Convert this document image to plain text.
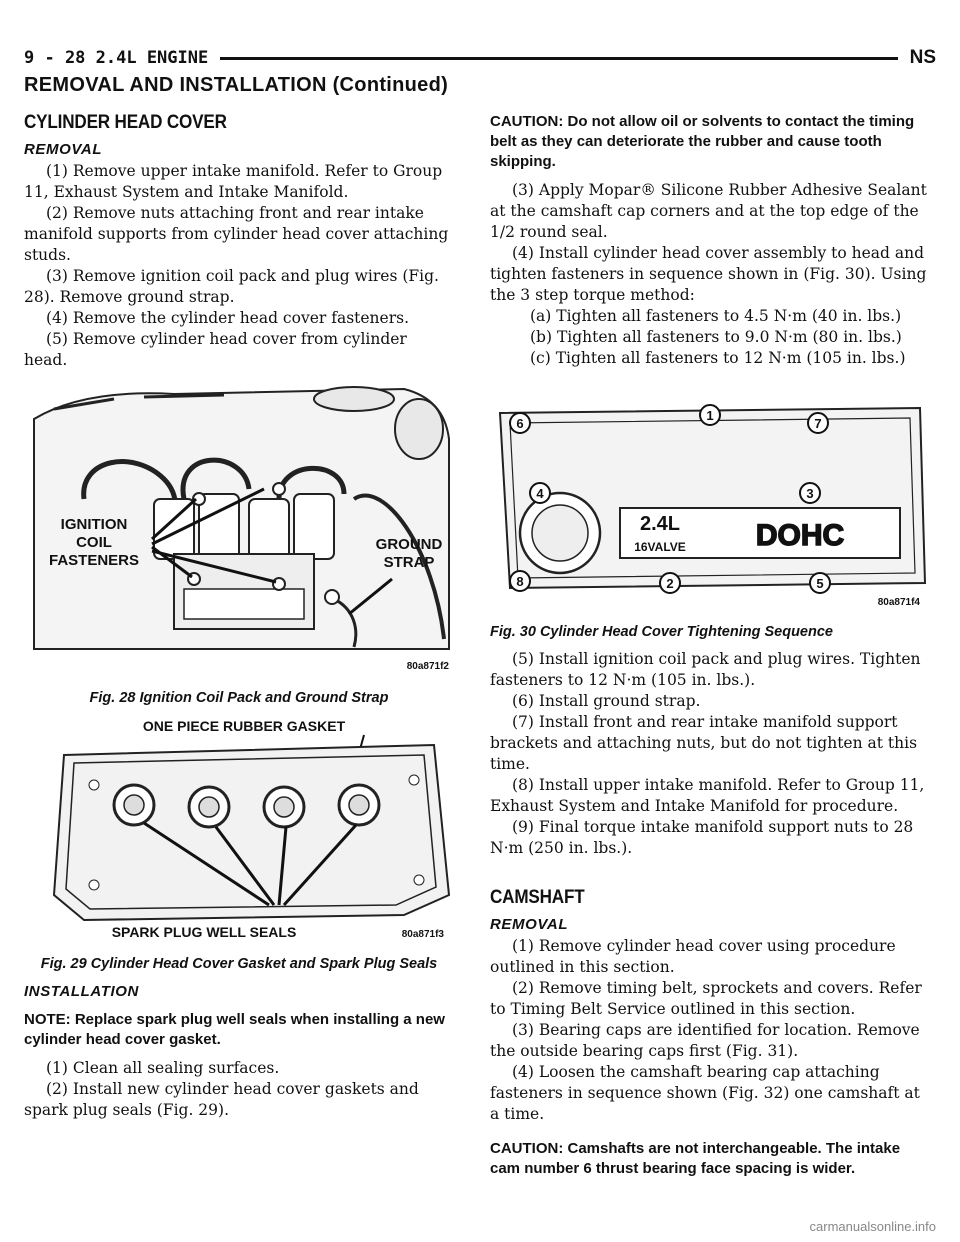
9 - 28 2.4L ENGINE	NS
REMOVAL AND INSTALLATION (Continued)
CYLINDER HEAD COVER
REMOVAL

(1) Remove upper intake manifold. Refer to Group 11, Exhaust System and Intake Manifold.

(2) Remove nuts attaching front and rear intake manifold supports from cylinder head cover attaching studs.

(3) Remove ignition coil pack and plug wires (Fig. 28). Remove ground strap.

(4) Remove the cylinder head cover fasteners.

(5) Remove cylinder head cover from cylinder head.

IGNITION
COIL
FASTENERS
GROUND
STRAP
80a871f2
Fig. 28 Ignition Coil Pack and Ground Strap
ONE PIECE RUBBER GASKET
SPARK PLUG WELL SEALS	80a871f3
Fig. 29 Cylinder Head Cover Gasket and Spark Plug Seals
INSTALLATION

NOTE: Replace spark plug well seals when installing a new cylinder head cover gasket.

(1) Clean all sealing surfaces.

(2) Install new cylinder head cover gaskets and spark plug seals (Fig. 29).

CAUTION: Do not allow oil or solvents to contact the timing belt as they can deteriorate the rubber and cause tooth skipping.

(3) Apply Mopar® Silicone Rubber Adhesive Sealant at the camshaft cap corners and at the top edge of the 1/2 round seal.

(4) Install cylinder head cover assembly to head and tighten fasteners in sequence shown in (Fig. 30). Using the 3 step torque method:

(a) Tighten all fasteners to 4.5 N·m (40 in. lbs.)

(b) Tighten all fasteners to 9.0 N·m (80 in. lbs.)

(c) Tighten all fasteners to 12 N·m (105 in. lbs.)

2.4L
16VALVE DOHC
6
1
7
4	3
8	2	5
80a871f4
Fig. 30 Cylinder Head Cover Tightening Sequence

(5) Install ignition coil pack and plug wires. Tighten fasteners to 12 N·m (105 in. lbs.).

(6) Install ground strap.

(7) Install front and rear intake manifold support brackets and attaching nuts, but do not tighten at this time.

(8) Install upper intake manifold. Refer to Group 11, Exhaust System and Intake Manifold for procedure.

(9) Final torque intake manifold support nuts to 28 N·m (250 in. lbs.).

CAMSHAFT
REMOVAL

(1) Remove cylinder head cover using procedure outlined in this section.

(2) Remove timing belt, sprockets and covers. Refer to Timing Belt Service outlined in this section.

(3) Bearing caps are identified for location. Remove the outside bearing caps first (Fig. 31).

(4) Loosen the camshaft bearing cap attaching fasteners in sequence shown (Fig. 32) one camshaft at a time.

CAUTION: Camshafts are not interchangeable. The intake cam number 6 thrust bearing face spacing is wider.

carmanualsonline.info
